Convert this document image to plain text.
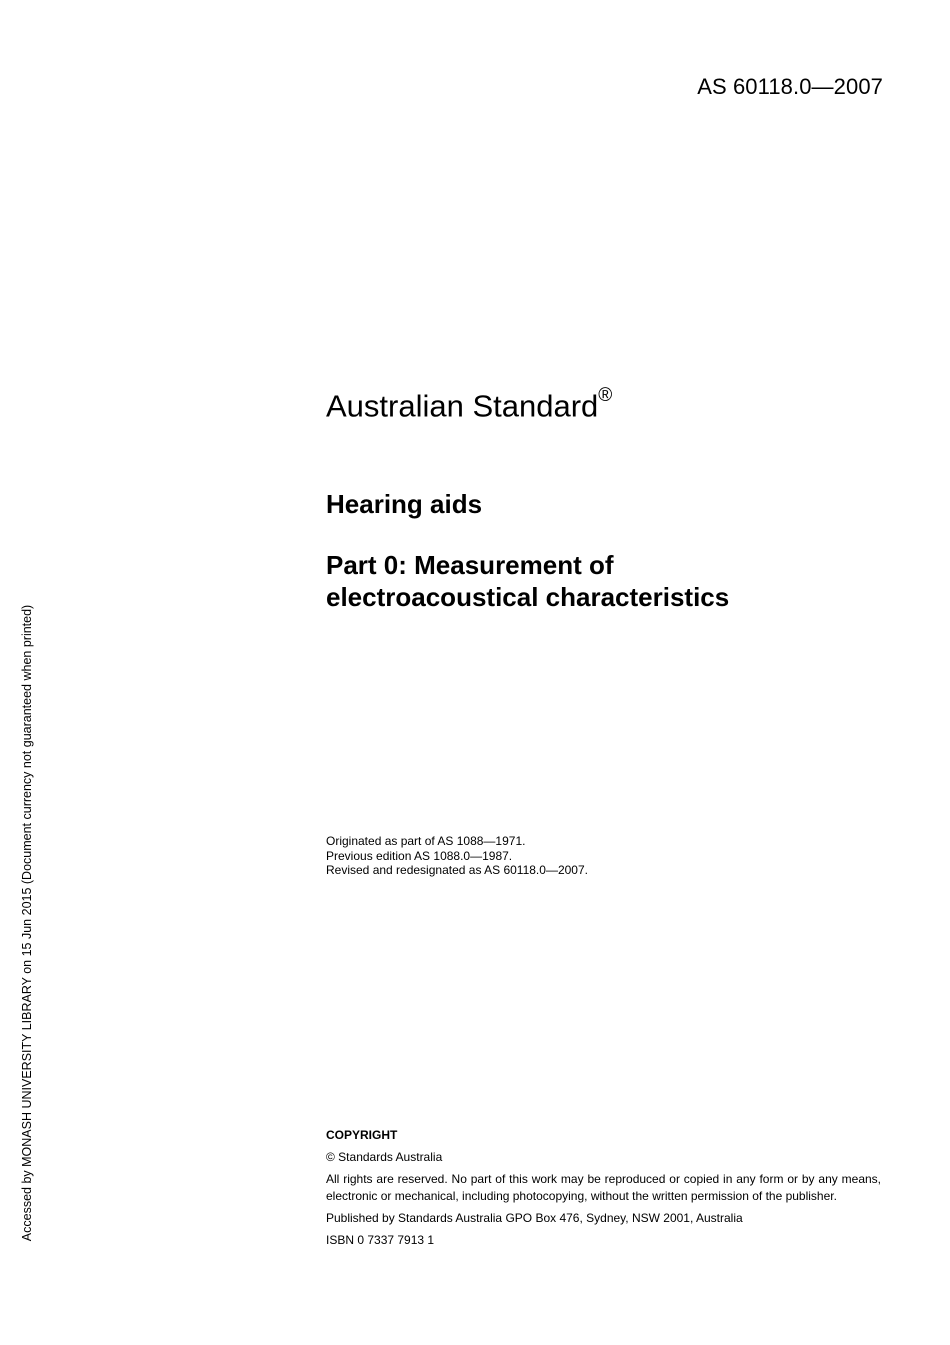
AS 60118.0—2007
Accessed by MONASH UNIVERSITY LIBRARY on 15 Jun 2015 (Document currency not guaranteed when printed)
Australian Standard®
Hearing aids
Part 0: Measurement of
electroacoustical characteristics
Originated as part of AS 1088—1971.
Previous edition AS 1088.0—1987.
Revised and redesignated as AS 60118.0—2007.
COPYRIGHT

© Standards Australia

All rights are reserved. No part of this work may be reproduced or copied in any form or by any means, electronic or mechanical, including photocopying, without the written permission of the publisher.

Published by Standards Australia GPO Box 476, Sydney, NSW 2001, Australia

ISBN 0 7337 7913 1
